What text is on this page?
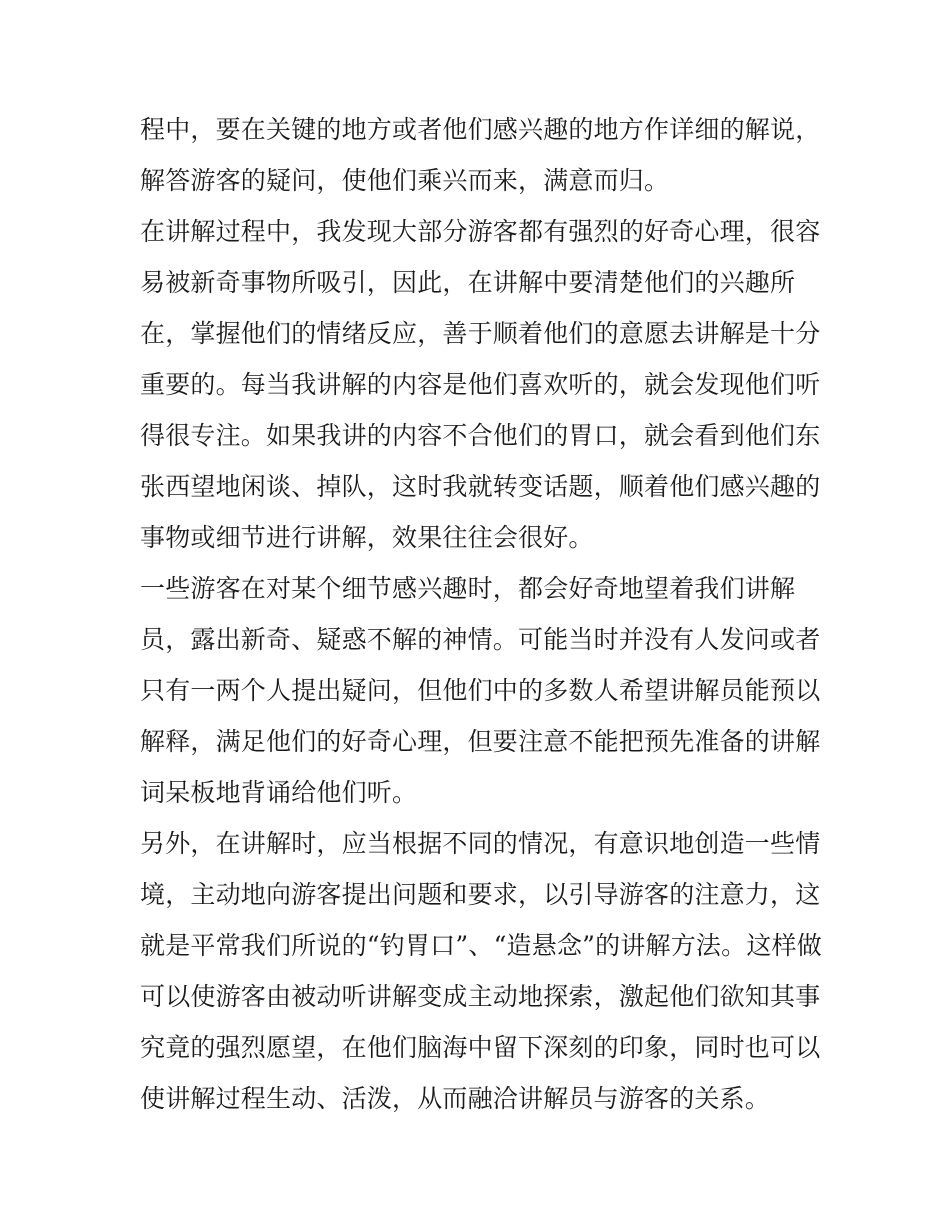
程中，要在关键的地方或者他们感兴趣的地方作详细的解说，
解答游客的疑问，使他们乘兴而来，满意而归。
在讲解过程中，我发现大部分游客都有强烈的好奇心理，很容
易被新奇事物所吸引，因此，在讲解中要清楚他们的兴趣所
在，掌握他们的情绪反应，善于顺着他们的意愿去讲解是十分
重要的。每当我讲解的内容是他们喜欢听的，就会发现他们听
得很专注。如果我讲的内容不合他们的胃口，就会看到他们东
张西望地闲谈、掉队，这时我就转变话题，顺着他们感兴趣的
事物或细节进行讲解，效果往往会很好。
一些游客在对某个细节感兴趣时，都会好奇地望着我们讲解
员，露出新奇、疑惑不解的神情。可能当时并没有人发问或者
只有一两个人提出疑问，但他们中的多数人希望讲解员能预以
解释，满足他们的好奇心理，但要注意不能把预先准备的讲解
词呆板地背诵给他们听。
另外，在讲解时，应当根据不同的情况，有意识地创造一些情
境，主动地向游客提出问题和要求，以引导游客的注意力，这
就是平常我们所说的“钓胃口”、“造悬念”的讲解方法。这样做
可以使游客由被动听讲解变成主动地探索，激起他们欲知其事
究竟的强烈愿望，在他们脑海中留下深刻的印象，同时也可以
使讲解过程生动、活泼，从而融洽讲解员与游客的关系。
